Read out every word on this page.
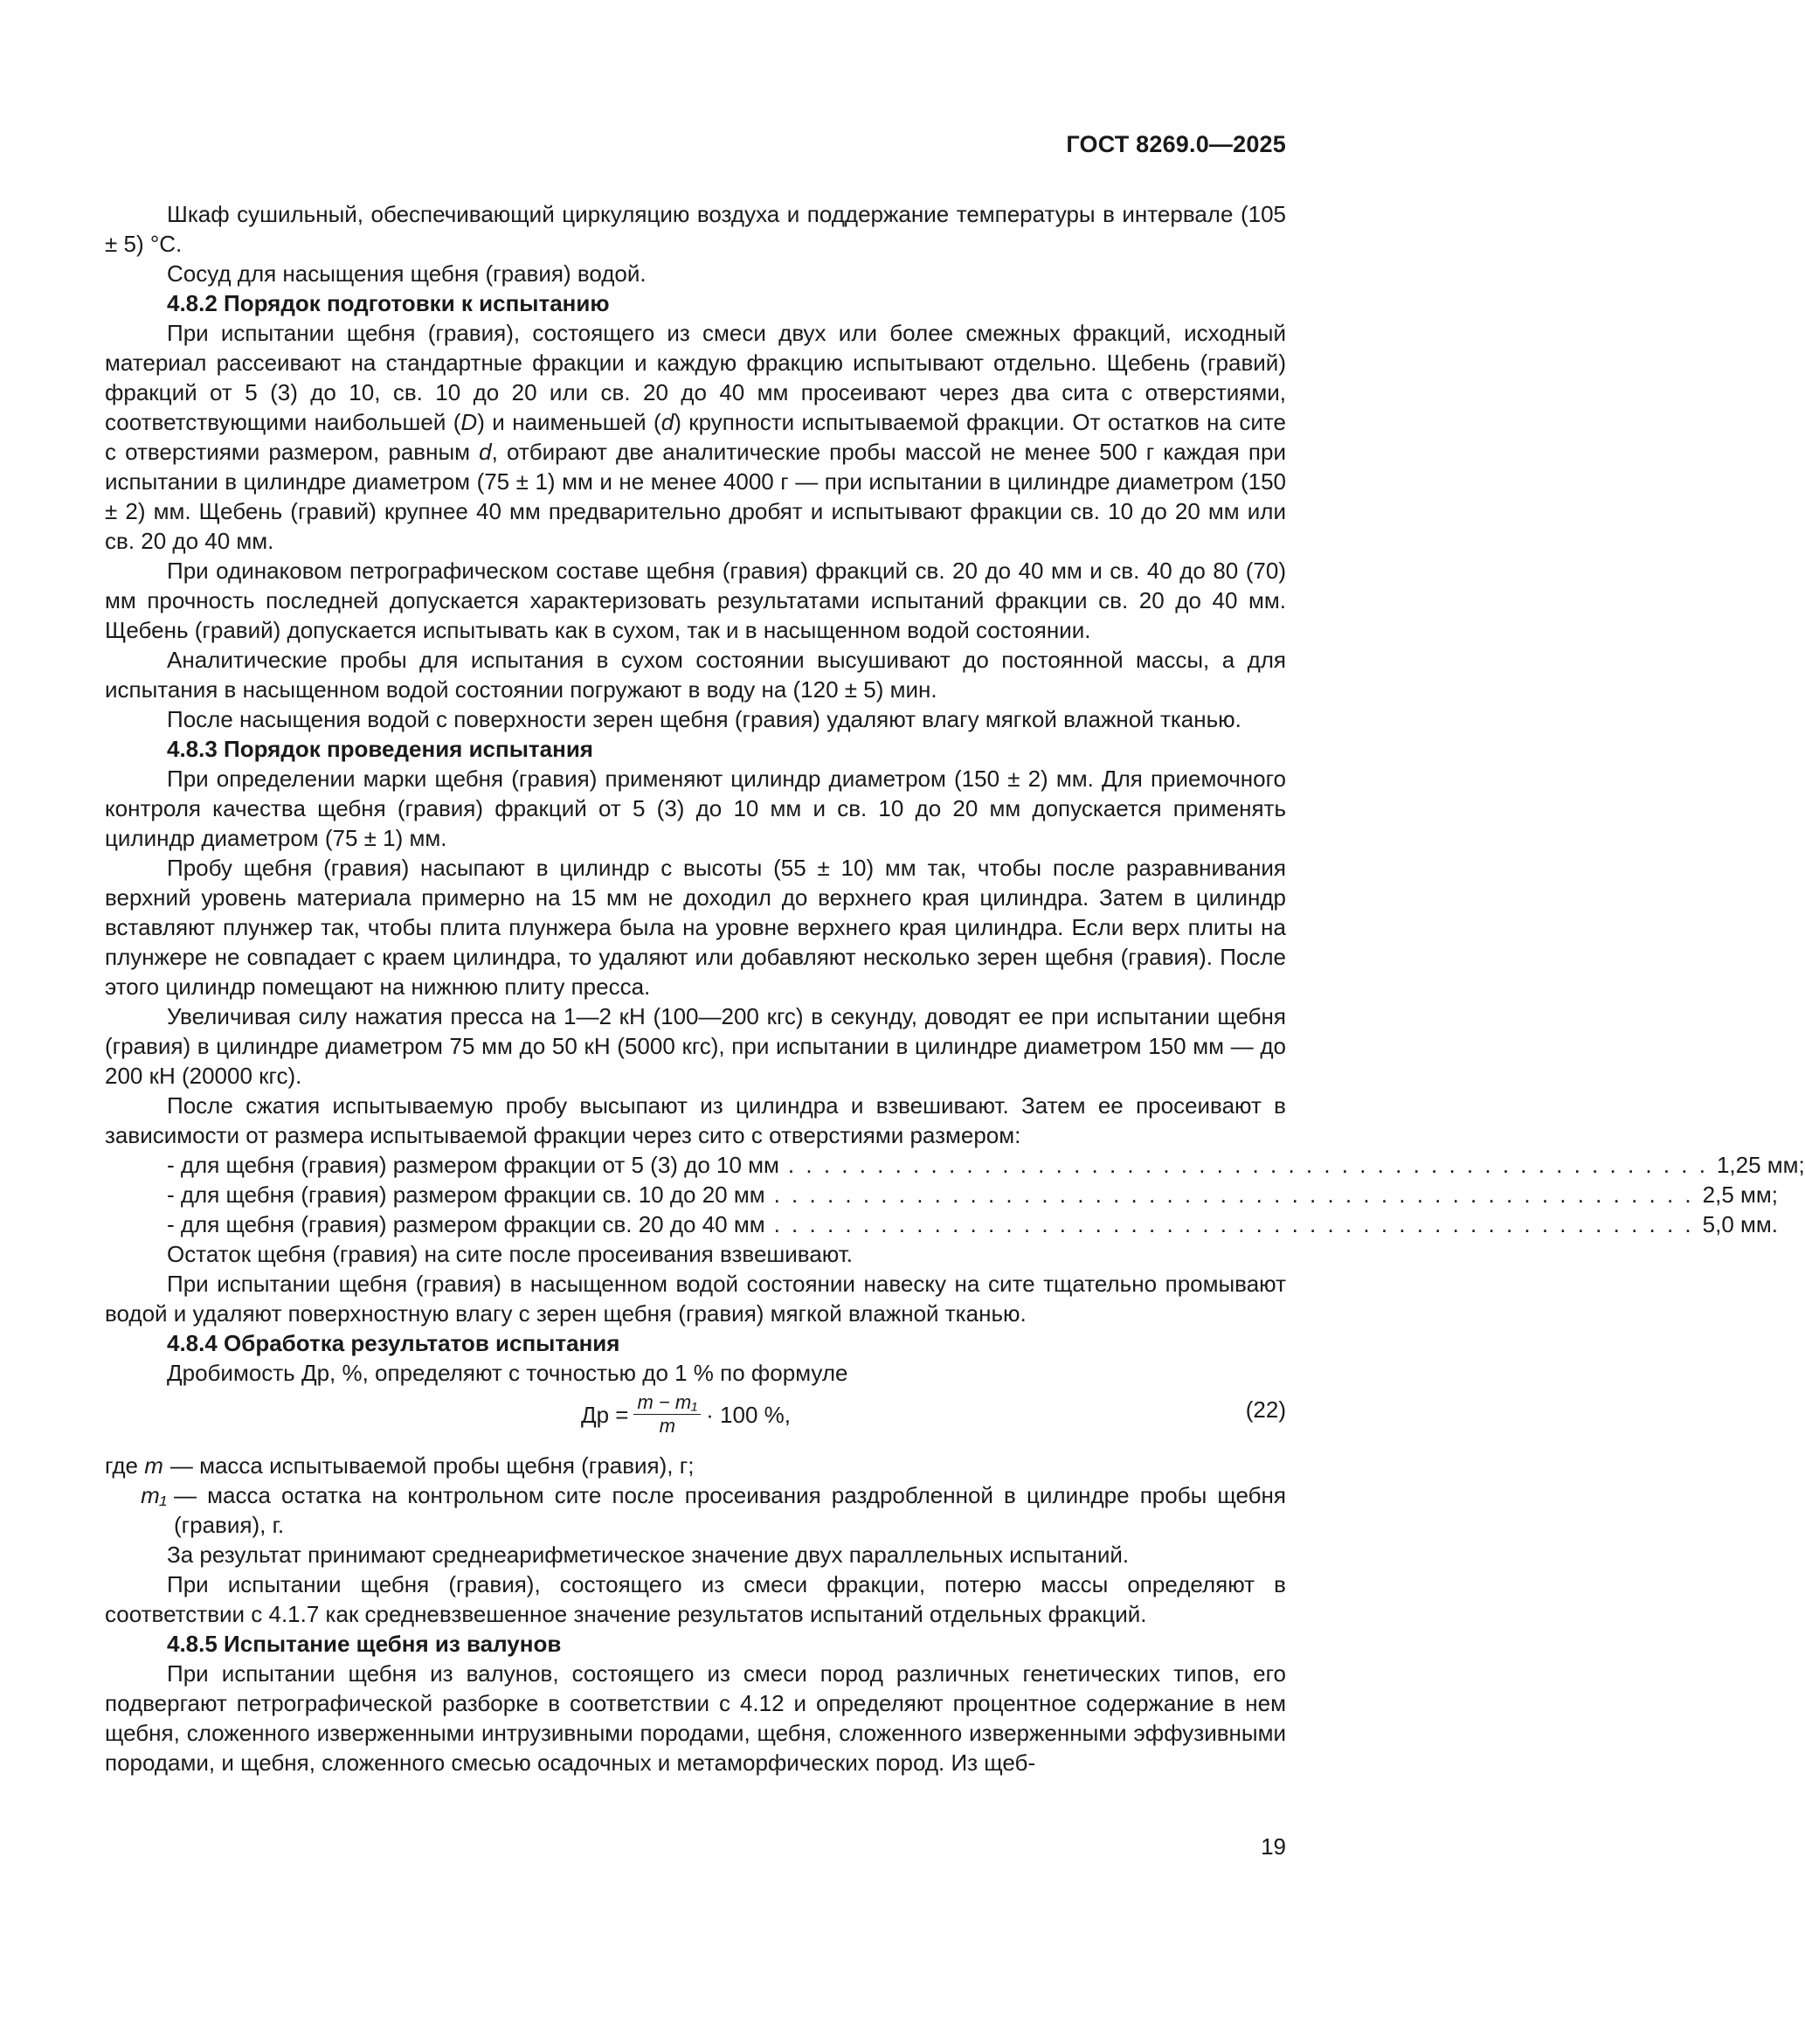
ГОСТ 8269.0—2025

Шкаф сушильный, обеспечивающий циркуляцию воздуха и поддержание температуры в интервале (105 ± 5) °С.

Сосуд для насыщения щебня (гравия) водой.

4.8.2 Порядок подготовки к испытанию

При испытании щебня (гравия), состоящего из смеси двух или более смежных фракций, исходный материал рассеивают на стандартные фракции и каждую фракцию испытывают отдельно. Щебень (гравий) фракций от 5 (3) до 10, св. 10 до 20 или св. 20 до 40 мм просеивают через два сита с отверстиями, соответствующими наибольшей (D) и наименьшей (d) крупности испытываемой фракции. От остатков на сите с отверстиями размером, равным d, отбирают две аналитические пробы массой не менее 500 г каждая при испытании в цилиндре диаметром (75 ± 1) мм и не менее 4000 г — при испытании в цилиндре диаметром (150 ± 2) мм. Щебень (гравий) крупнее 40 мм предварительно дробят и испытывают фракции св. 10 до 20 мм или св. 20 до 40 мм.

При одинаковом петрографическом составе щебня (гравия) фракций св. 20 до 40 мм и св. 40 до 80 (70) мм прочность последней допускается характеризовать результатами испытаний фракции св. 20 до 40 мм. Щебень (гравий) допускается испытывать как в сухом, так и в насыщенном водой состоянии.

Аналитические пробы для испытания в сухом состоянии высушивают до постоянной массы, а для испытания в насыщенном водой состоянии погружают в воду на (120 ± 5) мин.

После насыщения водой с поверхности зерен щебня (гравия) удаляют влагу мягкой влажной тканью.

4.8.3 Порядок проведения испытания

При определении марки щебня (гравия) применяют цилиндр диаметром (150 ± 2) мм. Для приемочного контроля качества щебня (гравия) фракций от 5 (3) до 10 мм и св. 10 до 20 мм допускается применять цилиндр диаметром (75 ± 1) мм.

Пробу щебня (гравия) насыпают в цилиндр с высоты (55 ± 10) мм так, чтобы после разравнивания верхний уровень материала примерно на 15 мм не доходил до верхнего края цилиндра. Затем в цилиндр вставляют плунжер так, чтобы плита плунжера была на уровне верхнего края цилиндра. Если верх плиты на плунжере не совпадает с краем цилиндра, то удаляют или добавляют несколько зерен щебня (гравия). После этого цилиндр помещают на нижнюю плиту пресса.

Увеличивая силу нажатия пресса на 1—2 кН (100—200 кгс) в секунду, доводят ее при испытании щебня (гравия) в цилиндре диаметром 75 мм до 50 кН (5000 кгс), при испытании в цилиндре диаметром 150 мм — до 200 кН (20000 кгс).

После сжатия испытываемую пробу высыпают из цилиндра и взвешивают. Затем ее просеивают в зависимости от размера испытываемой фракции через сито с отверстиями размером:

- для щебня (гравия) размером фракции от 5 (3) до 10 мм . . . . . . . . . . . . . . . . . . . . . . . . . . . . . . . . . . . . . . . . . . . . . . . . . . . . 1,25 мм;
- для щебня (гравия) размером фракции св. 10 до 20 мм . . . . . . . . . . . . . . . . . . . . . . . . . . . . . . . . . . . . . . . . . . . . . . . . . . . . 2,5 мм;
- для щебня (гравия) размером фракции св. 20 до 40 мм . . . . . . . . . . . . . . . . . . . . . . . . . . . . . . . . . . . . . . . . . . . . . . . . . . . . 5,0 мм.

Остаток щебня (гравия) на сите после просеивания взвешивают.

При испытании щебня (гравия) в насыщенном водой состоянии навеску на сите тщательно промывают водой и удаляют поверхностную влагу с зерен щебня (гравия) мягкой влажной тканью.

4.8.4 Обработка результатов испытания

Дробимость Др, %, определяют с точностью до 1 % по формуле

Др = $\frac{\text{m − m₁}}{m} \cdot 100$ %,	(22)
где m — масса испытываемой пробы щебня (гравия), г;
m₁ — масса остатка на контрольном сите после просеивания раздробленной в цилиндре пробы щебня (гравия), г.

За результат принимают среднеарифметическое значение двух параллельных испытаний.

При испытании щебня (гравия), состоящего из смеси фракции, потерю массы определяют в соответствии с 4.1.7 как средневзвешенное значение результатов испытаний отдельных фракций.

4.8.5 Испытание щебня из валунов

При испытании щебня из валунов, состоящего из смеси пород различных генетических типов, его подвергают петрографической разборке в соответствии с 4.12 и определяют процентное содержание в нем щебня, сложенного изверженными интрузивными породами, щебня, сложенного изверженными эффузивными породами, и щебня, сложенного смесью осадочных и метаморфических пород. Из щеб-

19
